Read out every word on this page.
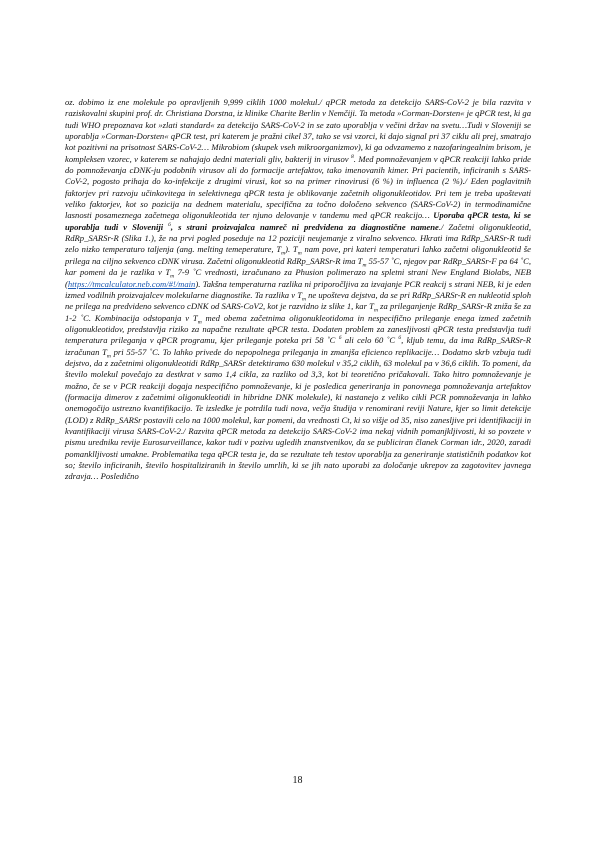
oz. dobimo iz ene molekule po opravljenih 9,999 ciklih 1000 molekul./ qPCR metoda za detekcijo SARS-CoV-2 je bila razvita v raziskovalni skupini prof. dr. Christiana Dorstna, iz klinike Charite Berlin v Nemčiji. Ta metoda »Corman-Dorsten« je qPCR test, ki ga tudi WHO prepoznava kot »zlati standard« za detekcijo SARS-CoV-2 in se zato uporablja v večini držav na svetu…Tudi v Sloveniji se uporablja »Corman-Dorsten« qPCR test, pri katerem je pražni cikel 37, tako se vsi vzorci, ki dajo signal pri 37 ciklu ali prej, smatrajo kot pozitivni na prisotnost SARS-CoV-2… Mikrobiom (skupek vseh mikroorganizmov), ki ga odvzamemo z nazofaringealnim brisom, je kompleksen vzorec, v katerem se nahajajo dedni materiali gliv, bakterij in virusov $^8$. Med pomnoževanjem v qPCR reakciji lahko pride do pomnoževanja cDNK-ju podobnih virusov ali do formacije artefaktov, tako imenovanih kimer. Pri pacientih, inficiranih s SARS-CoV-2, pogosto prihaja do ko-infekcije z drugimi virusi, kot so na primer rinovirusi (6 %) in influenca (2 %)./ Eden poglavitnih faktorjev pri razvoju učinkovitega in selektivnega qPCR testa je oblikovanje začetnih oligonukleotidov. Pri tem je treba upoštevati veliko faktorjev, kot so pozicija na dednem materialu, specifična za točno določeno sekvenco (SARS-CoV-2) in termodinamične lasnosti posameznega začetnega oligonukleotida ter njuno delovanje v tandemu med qPCR reakcijo… Uporaba qPCR testa, ki se uporablja tudi v Sloveniji $^6$, s strani proizvajalca namreč ni predvidena za diagnostične namene./ Začetni oligonukleotid, RdRp_SARSr-R (Slika 1.), že na prvi pogled poseduje na 12 poziciji neujemanje z viralno sekvenco. Hkrati ima RdRp_SARSr-R tudi zelo nizko temperaturo taljenja (ang. melting temeperature, $T_m$). $T_m$ nam pove, pri kateri temperaturi lahko začetni oligonukleotid še prilega na ciljno sekvenco cDNK virusa. Začetni oligonukleotid RdRp_SARSr-R ima $T_m$ 55-57 ˚C, njegov par RdRp_SARSr-F pa 64 ˚C, kar pomeni da je razlika v $T_m$ 7-9 ˚C vrednosti, izračunano za Phusion polimerazo na spletni strani New England Biolabs, NEB (https://tmcalculator.neb.com/#!/main). Takšna temperaturna razlika ni priporočljiva za izvajanje PCR reakcij s strani NEB, ki je eden izmed vodilnih proizvajalcev molekularne diagnostike. Ta razlika v $T_m$ ne upošteva dejstva, da se pri RdRp_SARSr-R en nukleotid sploh ne prilega na predvideno sekvenco cDNK od SARS-CoV2, kot je razvidno iz slike 1, kar $T_m$ za prileganjenje RdRp_SARSr-R zniža še za 1-2 ˚C. Kombinacija odstopanja v $T_m$ med obema začetnima oligonukleotidoma in nespecifično prileganje enega izmed začetnih oligonukleotidov, predstavlja riziko za napačne rezultate qPCR testa. Dodaten problem za zanesljivosti qPCR testa predstavlja tudi temperatura prileganja v qPCR programu, kjer prileganje poteka pri 58 ˚C $^6$ ali celo 60 ˚C $^6$, kljub temu, da ima RdRp_SARSr-R izračunan $T_m$ pri 55-57 ˚C. To lahko privede do nepopolnega prileganja in zmanjša eficienco replikacije… Dodatno skrb vzbuja tudi dejstvo, da z začetnimi oligonukleotidi RdRp_SARSr detektiramo 630 molekul v 35,2 ciklih, 63 molekul pa v 36,6 ciklih. To pomeni, da število molekul povečajo za destkrat v samo 1,4 cikla, za razliko od 3,3, kot bi teoretično pričakovali. Tako hitro pomnoževanje je možno, če se v PCR reakciji dogaja nespecifično pomnoževanje, ki je posledica generiranja in ponovnega pomnoževanja artefaktov (formacija dimerov z začetnimi oligonukleotidi in hibridne DNK molekule), ki nastanejo z veliko cikli PCR pomnoževanja in lahko onemogočijo ustrezno kvantifikacijo. Te izsledke je potrdila tudi nova, večja študija v renomirani reviji Nature, kjer so limit detekcije (LOD) z RdRp_SARSr postavili celo na 1000 molekul, kar pomeni, da vrednosti Ct, ki so višje od 35, niso zanesljive pri identifikaciji in kvantifikaciji virusa SARS-CoV-2./ Razvita qPCR metoda za detekcijo SARS-CoV-2 ima nekaj vidnih pomanjkljivosti, ki so povzete v pismu uredniku revije Eurosurveillance, kakor tudi v pozivu ugledih znanstvenikov, da se publiciran članek Corman idr., 2020, zaradi pomanklljivosti umakne. Problematika tega qPCR testa je, da se rezultate teh testov uporablja za generiranje statističnih podatkov kot so; število inficiranih, število hospitaliziranih in število umrlih, ki se jih nato uporabi za določanje ukrepov za zagotovitev javnega zdravja… Posledično

18
